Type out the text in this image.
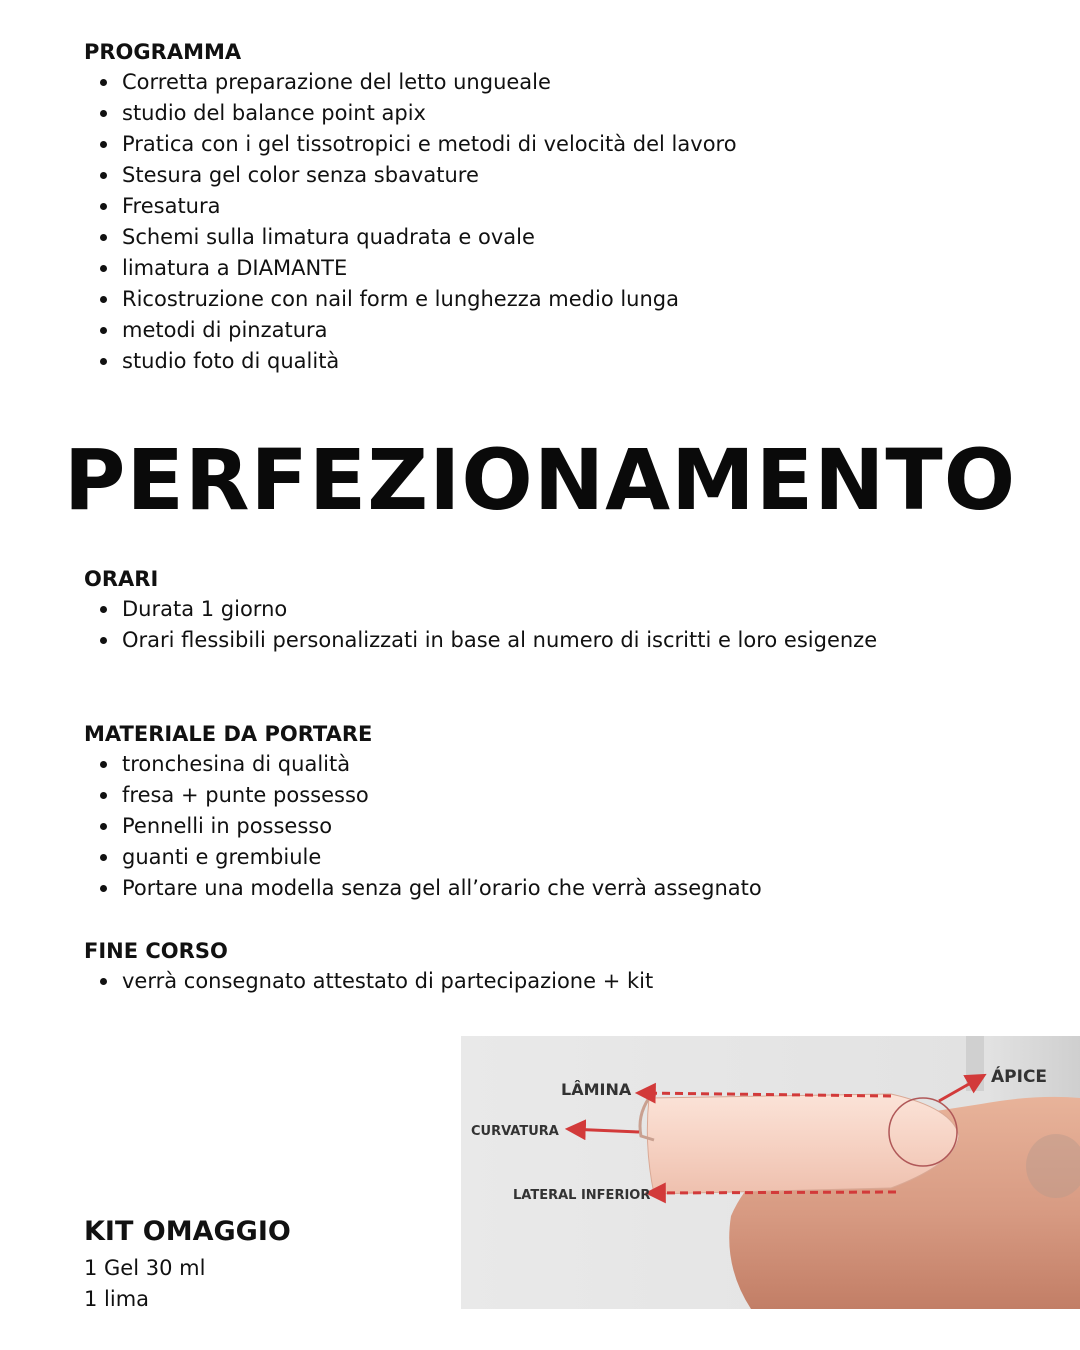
PROGRAMMA
Corretta preparazione del letto ungueale
studio del balance point apix
Pratica con i gel tissotropici e metodi di velocità del lavoro
Stesura gel color senza sbavature
Fresatura
Schemi sulla limatura quadrata e ovale
limatura a DIAMANTE
Ricostruzione con nail form e lunghezza medio lunga
metodi di pinzatura
studio foto di qualità
PERFEZIONAMENTO
ORARI
Durata 1 giorno
Orari flessibili personalizzati in base al numero di iscritti e loro esigenze
MATERIALE DA PORTARE
tronchesina di qualità
fresa + punte possesso
Pennelli in possesso
guanti e grembiule
Portare una modella senza gel all’orario che verrà assegnato
FINE CORSO
verrà consegnato attestato di partecipazione + kit
KIT OMAGGIO

1 Gel 30 ml

1 lima

LÂMINA
ÁPICE
CURVATURA
LATERAL INFERIOR
